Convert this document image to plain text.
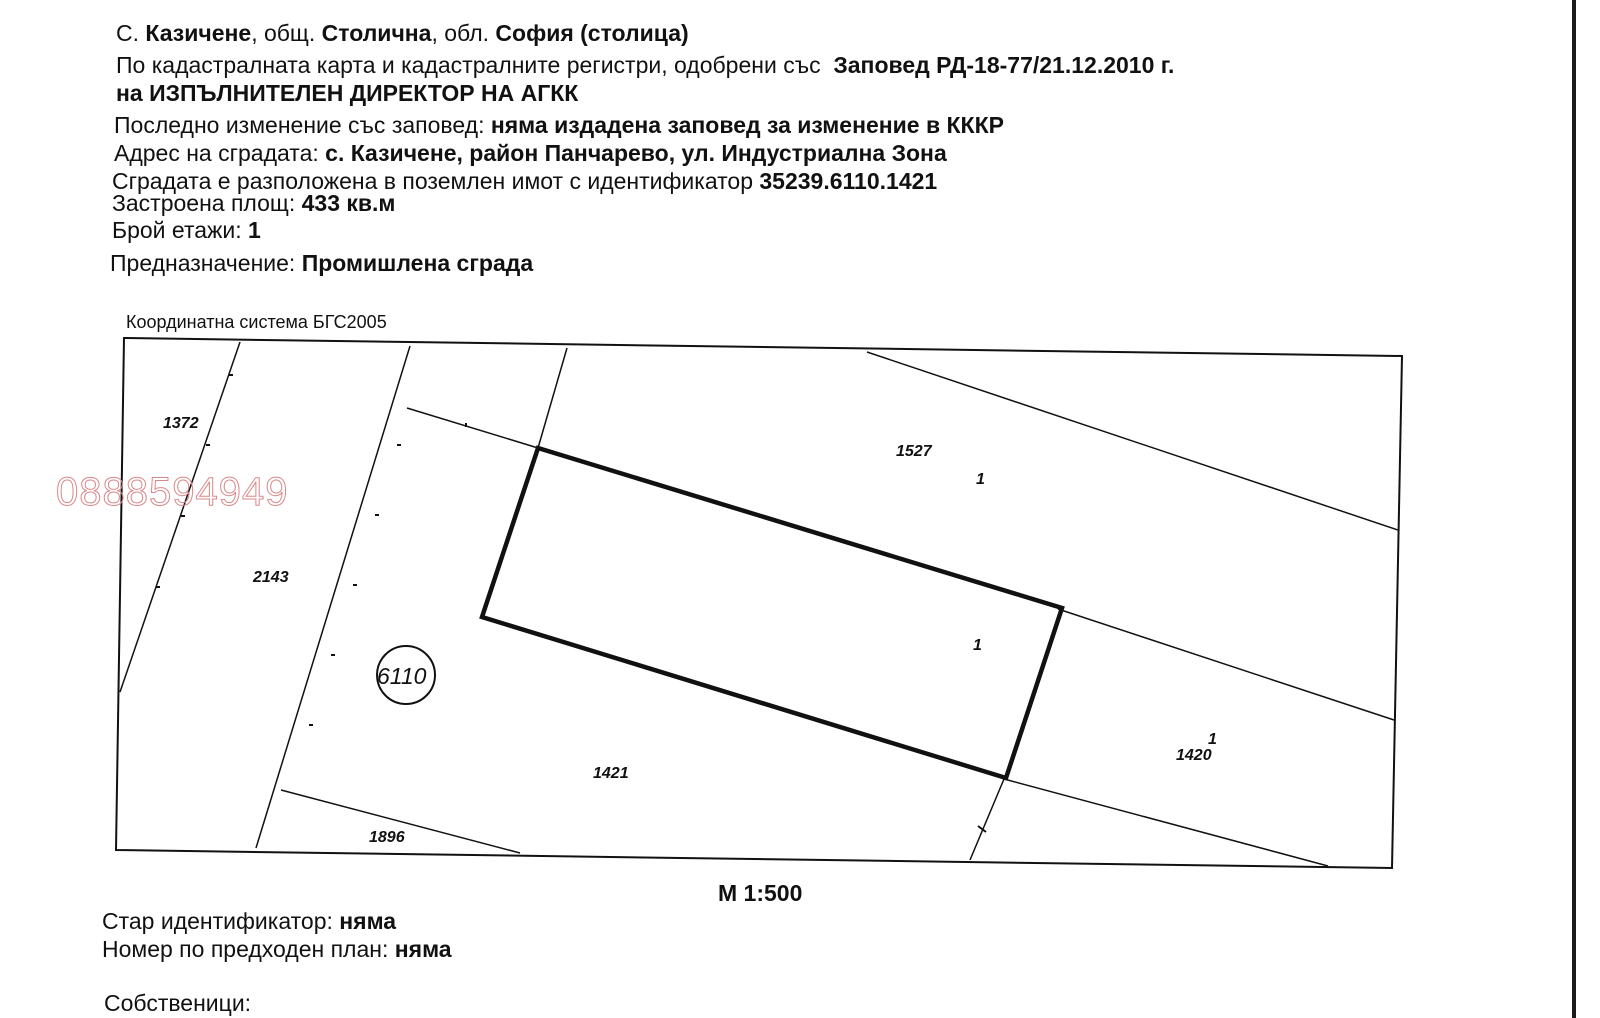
С. Казичене, общ. Столична, обл. София (столица)
По кадастралната карта и кадастралните регистри, одобрени със Заповед РД-18-77/21.12.2010 г.
на ИЗПЪЛНИТЕЛЕН ДИРЕКТОР НА АГКК
Последно изменение със заповед: няма издадена заповед за изменение в КККР
Адрес на сградата: с. Казичене, район Панчарево, ул. Индустриална Зона
Сградата е разположена в поземлен имот с идентификатор 35239.6110.1421
Застроена площ: 433 кв.м
Брой етажи: 1
Предназначение: Промишлена сграда
Координатна система БГС2005
6110
1372
2143
1527
1
1
1421
1
1420
1896
0888594949
М 1:500
Стар идентификатор: няма
Номер по предходен план: няма
Собственици:
